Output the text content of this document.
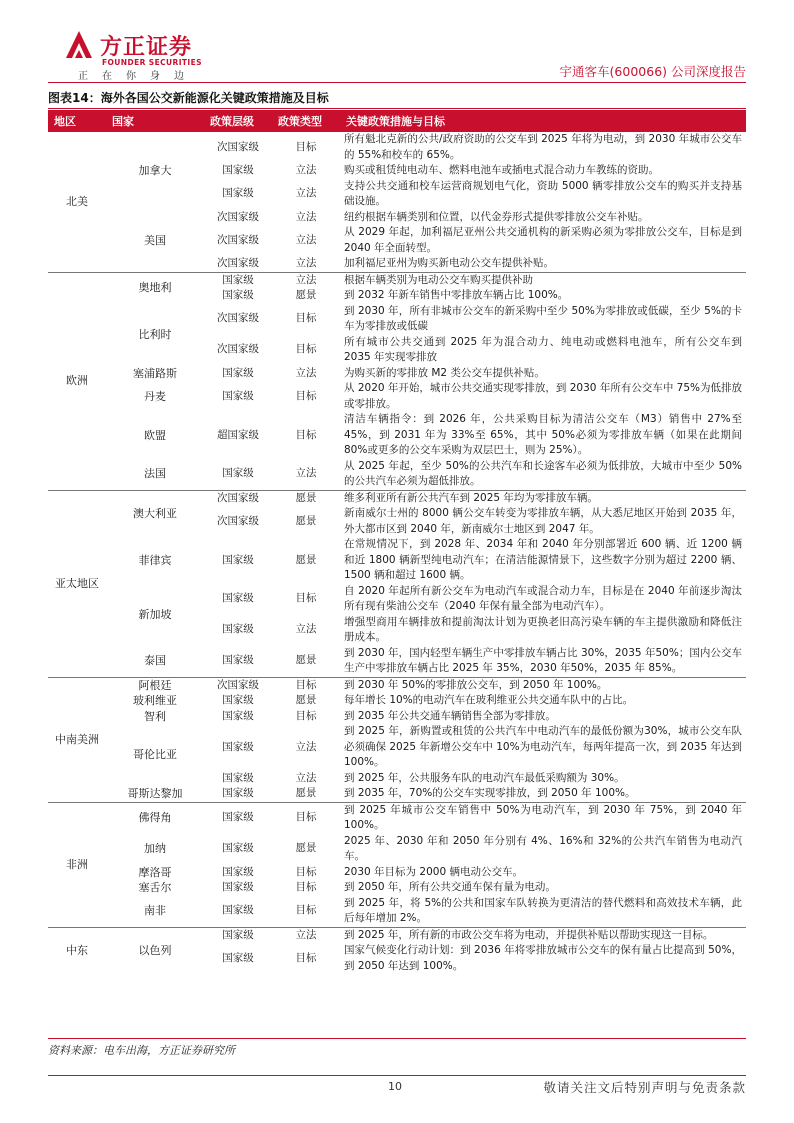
方正证券
FOUNDER SECURITIES
正在你身边	宇通客车(600066) 公司深度报告
图表14：海外各国公交新能源化关键政策措施及目标
地区	国家	政策层级	政策类型	关键政策措施与目标
北美	加拿大	次国家级	目标	所有魁北克新的公共/政府资助的公交车到 2025 年将为电动，到 2030 年城市公交车的 55%和校车的 65%。
		国家级	立法	购买或租赁纯电动车、燃料电池车或插电式混合动力车教练的资助。
		国家级	立法	支持公共交通和校车运营商规划电气化，资助 5000 辆零排放公交车的购买并支持基础设施。
	美国	次国家级	立法	纽约根据车辆类别和位置，以代金券形式提供零排放公交车补贴。
		次国家级	立法	从 2029 年起，加利福尼亚州公共交通机构的新采购必须为零排放公交车，目标是到 2040 年全面转型。
		次国家级	立法	加利福尼亚州为购买新电动公交车提供补贴。
欧洲	奥地利	国家级	立法	根据车辆类别为电动公交车购买提供补助
		国家级	愿景	到 2032 年新车销售中零排放车辆占比 100%。
	比利时	次国家级	目标	到 2030 年，所有非城市公交车的新采购中至少 50%为零排放或低碳，至少 5%的卡车为零排放或低碳
		次国家级	目标	所有城市公共交通到 2025 年为混合动力、纯电动或燃料电池车，所有公交车到 2035 年实现零排放
	塞浦路斯	国家级	立法	为购买新的零排放 M2 类公交车提供补贴。
	丹麦	国家级	目标	从 2020 年开始，城市公共交通实现零排放，到 2030 年所有公交车中 75%为低排放或零排放。
	欧盟	超国家级	目标	清洁车辆指令：到 2026 年，公共采购目标为清洁公交车（M3）销售中 27%至 45%，到 2031 年为 33%至 65%，其中 50%必须为零排放车辆（如果在此期间 80%或更多的公交车采购为双层巴士，则为 25%）。
	法国	国家级	立法	从 2025 年起，至少 50%的公共汽车和长途客车必须为低排放，大城市中至少 50%的公共汽车必须为超低排放。
亚太地区	澳大利亚	次国家级	愿景	维多利亚所有新公共汽车到 2025 年均为零排放车辆。
		次国家级	愿景	新南威尔士州的 8000 辆公交车转变为零排放车辆，从大悉尼地区开始到 2035 年，外大都市区到 2040 年，新南威尔士地区到 2047 年。
	菲律宾	国家级	愿景	在常规情况下，到 2028 年、2034 年和 2040 年分别部署近 600 辆、近 1200 辆和近 1800 辆新型纯电动汽车；在清洁能源情景下，这些数字分别为超过 2200 辆、1500 辆和超过 1600 辆。
	新加坡	国家级	目标	自 2020 年起所有新公交车为电动汽车或混合动力车，目标是在 2040 年前逐步淘汰所有现有柴油公交车（2040 年保有量全部为电动汽车）。
		国家级	立法	增强型商用车辆排放和提前淘汰计划为更换老旧高污染车辆的车主提供激励和降低注册成本。
	泰国	国家级	愿景	到 2030 年，国内轻型车辆生产中零排放车辆占比 30%，2035 年50%；国内公交车生产中零排放车辆占比 2025 年 35%，2030 年50%，2035 年 85%。
中南美洲	阿根廷	次国家级	目标	到 2030 年 50%的零排放公交车，到 2050 年 100%。
	玻利维亚	国家级	愿景	每年增长 10%的电动汽车在玻利维亚公共交通车队中的占比。
	智利	国家级	目标	到 2035 年公共交通车辆销售全部为零排放。
	哥伦比亚	国家级	立法	到 2025 年，新购置或租赁的公共汽车中电动汽车的最低份额为30%，城市公交车队必须确保 2025 年新增公交车中 10%为电动汽车，每两年提高一次，到 2035 年达到 100%。
		国家级	立法	到 2025 年，公共服务车队的电动汽车最低采购额为 30%。
	哥斯达黎加	国家级	愿景	到 2035 年，70%的公交车实现零排放，到 2050 年 100%。
非洲	佛得角	国家级	目标	到 2025 年城市公交车销售中 50%为电动汽车，到 2030 年 75%，到 2040 年 100%。
	加纳	国家级	愿景	2025 年、2030 年和 2050 年分别有 4%、16%和 32%的公共汽车销售为电动汽车。
	摩洛哥	国家级	目标	2030 年目标为 2000 辆电动公交车。
	塞舌尔	国家级	目标	到 2050 年，所有公共交通车保有量为电动。
	南非	国家级	目标	到 2025 年，将 5%的公共和国家车队转换为更清洁的替代燃料和高效技术车辆，此后每年增加 2%。
中东	以色列	国家级	立法	到 2025 年，所有新的市政公交车将为电动，并提供补贴以帮助实现这一目标。
		国家级	目标	国家气候变化行动计划：到 2036 年将零排放城市公交车的保有量占比提高到 50%，到 2050 年达到 100%。
资料来源：电车出海，方正证券研究所
10	敬请关注文后特别声明与免责条款
